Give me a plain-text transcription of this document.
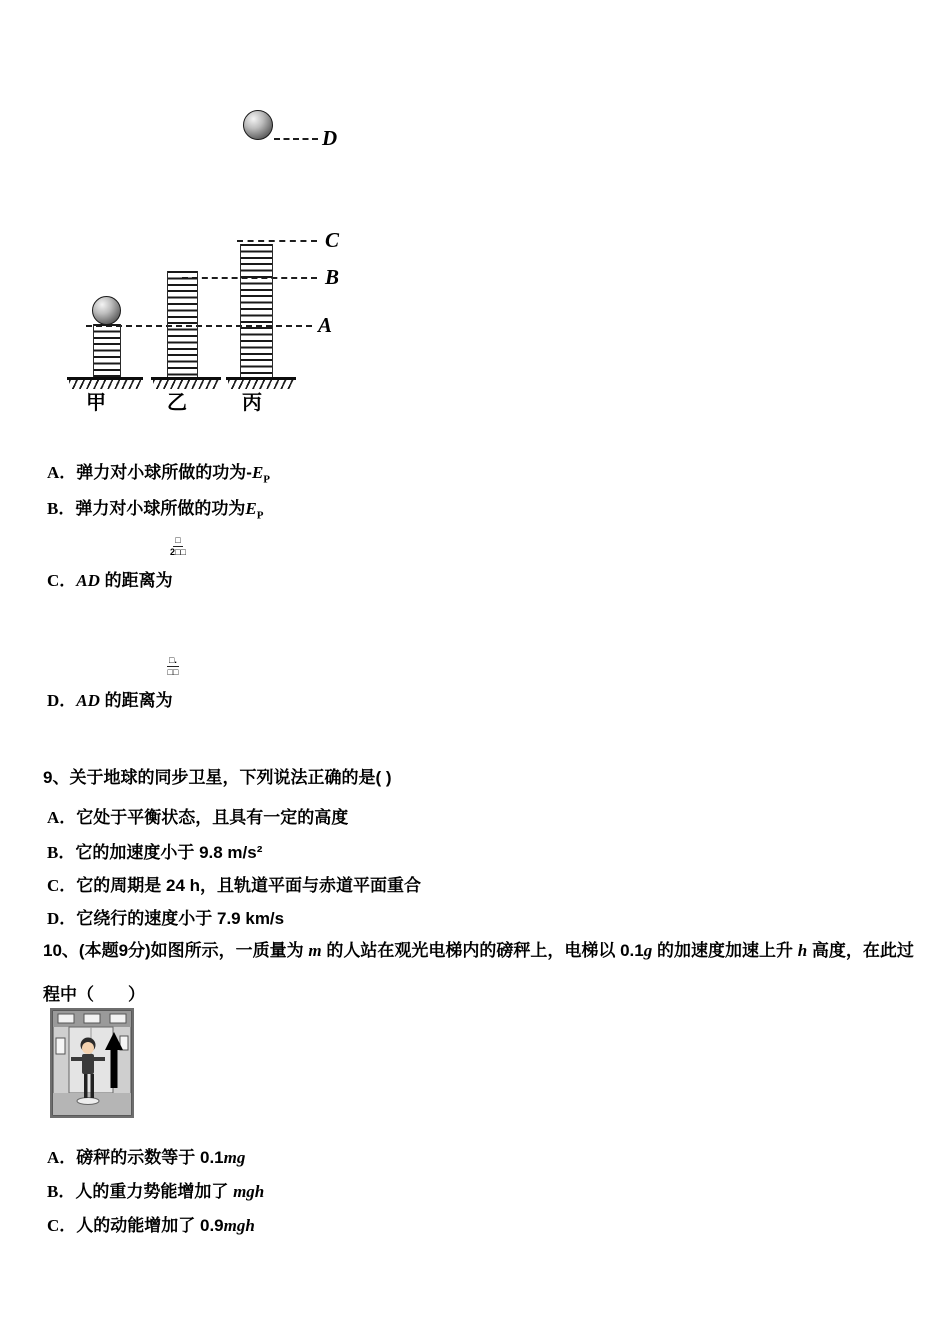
D
C
B
A
甲	乙	丙
A．弹力对小球所做的功为$-E_P$
B．弹力对小球所做的功为$E_P$
□
2□□
C．AD 的距离为
□.
□□
D．AD 的距离为
9、关于地球的同步卫星，下列说法正确的是( )
A．它处于平衡状态，且具有一定的高度
B．它的加速度小于 9.8 m/s²
C．它的周期是 24 h，且轨道平面与赤道平面重合
D．它绕行的速度小于 7.9 km/s
10、(本题9分)如图所示，一质量为 m 的人站在观光电梯内的磅秤上，电梯以 0.1g 的加速度加速上升 h 高度，在此过程中（　　）
A．磅秤的示数等于 0.1mg
B．人的重力势能增加了 mgh
C．人的动能增加了 0.9mgh
